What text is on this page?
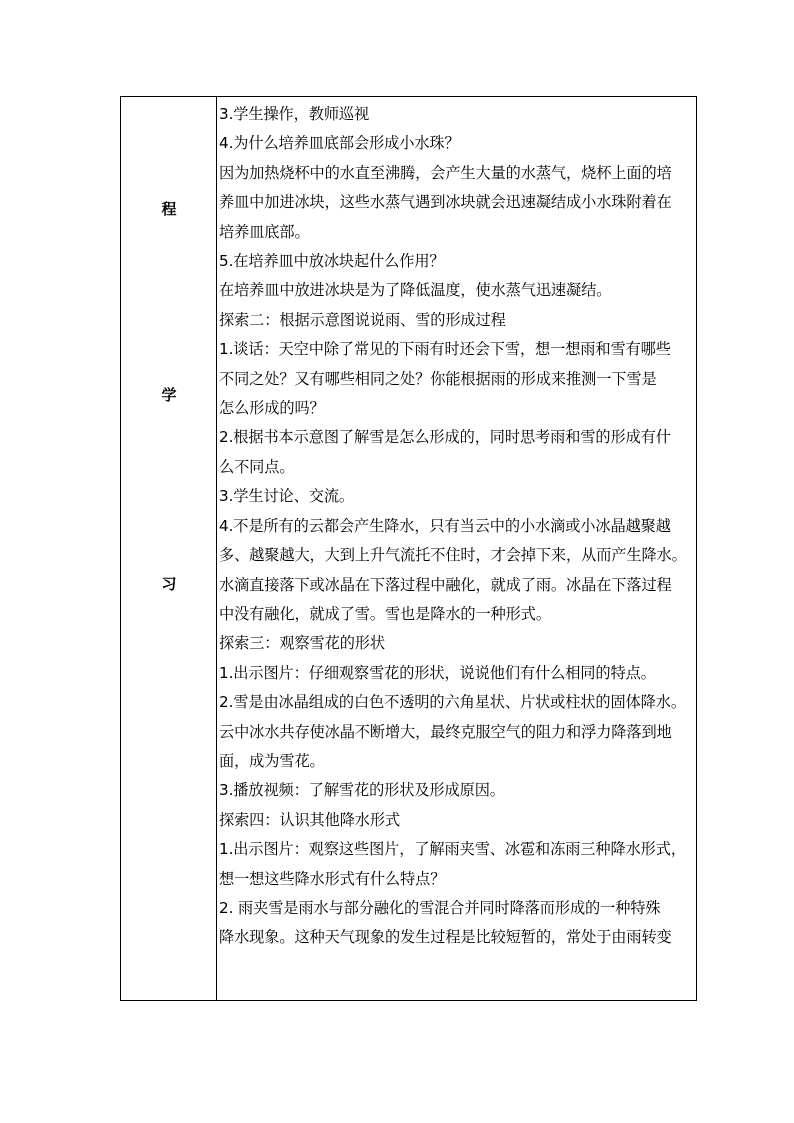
程
学
习

3.学生操作，教师巡视

4.为什么培养皿底部会形成小水珠？

因为加热烧杯中的水直至沸腾，会产生大量的水蒸气，烧杯上面的培

养皿中加进冰块，这些水蒸气遇到冰块就会迅速凝结成小水珠附着在

培养皿底部。

5.在培养皿中放冰块起什么作用？

在培养皿中放进冰块是为了降低温度，使水蒸气迅速凝结。

探索二：根据示意图说说雨、雪的形成过程

1.谈话：天空中除了常见的下雨有时还会下雪，想一想雨和雪有哪些

不同之处？又有哪些相同之处？你能根据雨的形成来推测一下雪是

怎么形成的吗？

2.根据书本示意图了解雪是怎么形成的，同时思考雨和雪的形成有什

么不同点。

3.学生讨论、交流。

4.不是所有的云都会产生降水，只有当云中的小水滴或小冰晶越聚越

多、越聚越大，大到上升气流托不住时，才会掉下来，从而产生降水。

水滴直接落下或冰晶在下落过程中融化，就成了雨。冰晶在下落过程

中没有融化，就成了雪。雪也是降水的一种形式。

探索三：观察雪花的形状

1.出示图片：仔细观察雪花的形状，说说他们有什么相同的特点。

2.雪是由冰晶组成的白色不透明的六角星状、片状或柱状的固体降水。

云中冰水共存使冰晶不断增大，最终克服空气的阻力和浮力降落到地

面，成为雪花。

3.播放视频：了解雪花的形状及形成原因。

探索四：认识其他降水形式

1.出示图片：观察这些图片，了解雨夹雪、冰雹和冻雨三种降水形式，

想一想这些降水形式有什么特点？

2. 雨夹雪是雨水与部分融化的雪混合并同时降落而形成的一种特殊

降水现象。这种天气现象的发生过程是比较短暂的，常处于由雨转变
